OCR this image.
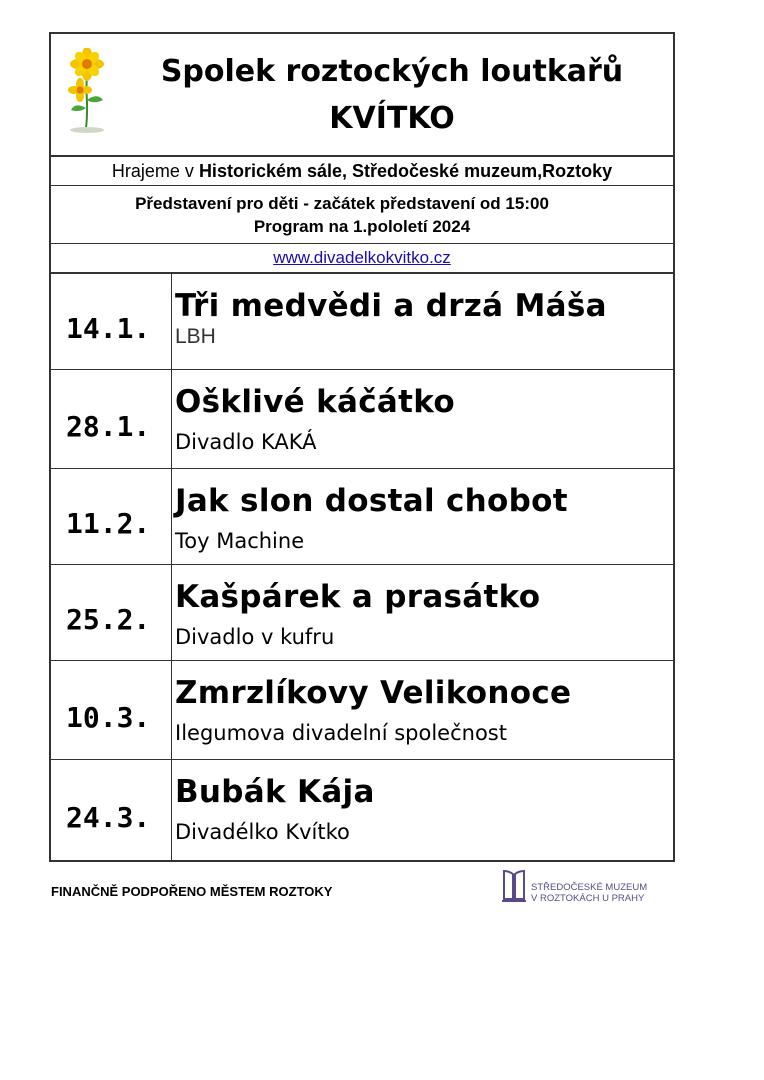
Spolek roztockých loutkařů
KVÍTKO
Hrajeme v Historickém sále, Středočeské muzeum,Roztoky
Představení pro děti - začátek představení od 15:00
Program na 1.pololetí 2024
www.divadelkokvitko.cz
14.1.
Tři medvědi a drzá Máša
LBH
28.1.
Ošklivé káčátko
Divadlo KAKÁ
11.2.
Jak slon dostal chobot
Toy Machine
25.2.
Kašpárek a prasátko
Divadlo v kufru
10.3.
Zmrzlíkovy Velikonoce
Ilegumova divadelní společnost
24.3.
Bubák Kája
Divadélko Kvítko
FINANČNĚ PODPOŘENO MĚSTEM ROZTOKY	STŘEDOČESKÉ MUZEUM
V ROZTOKÁCH U PRAHY
